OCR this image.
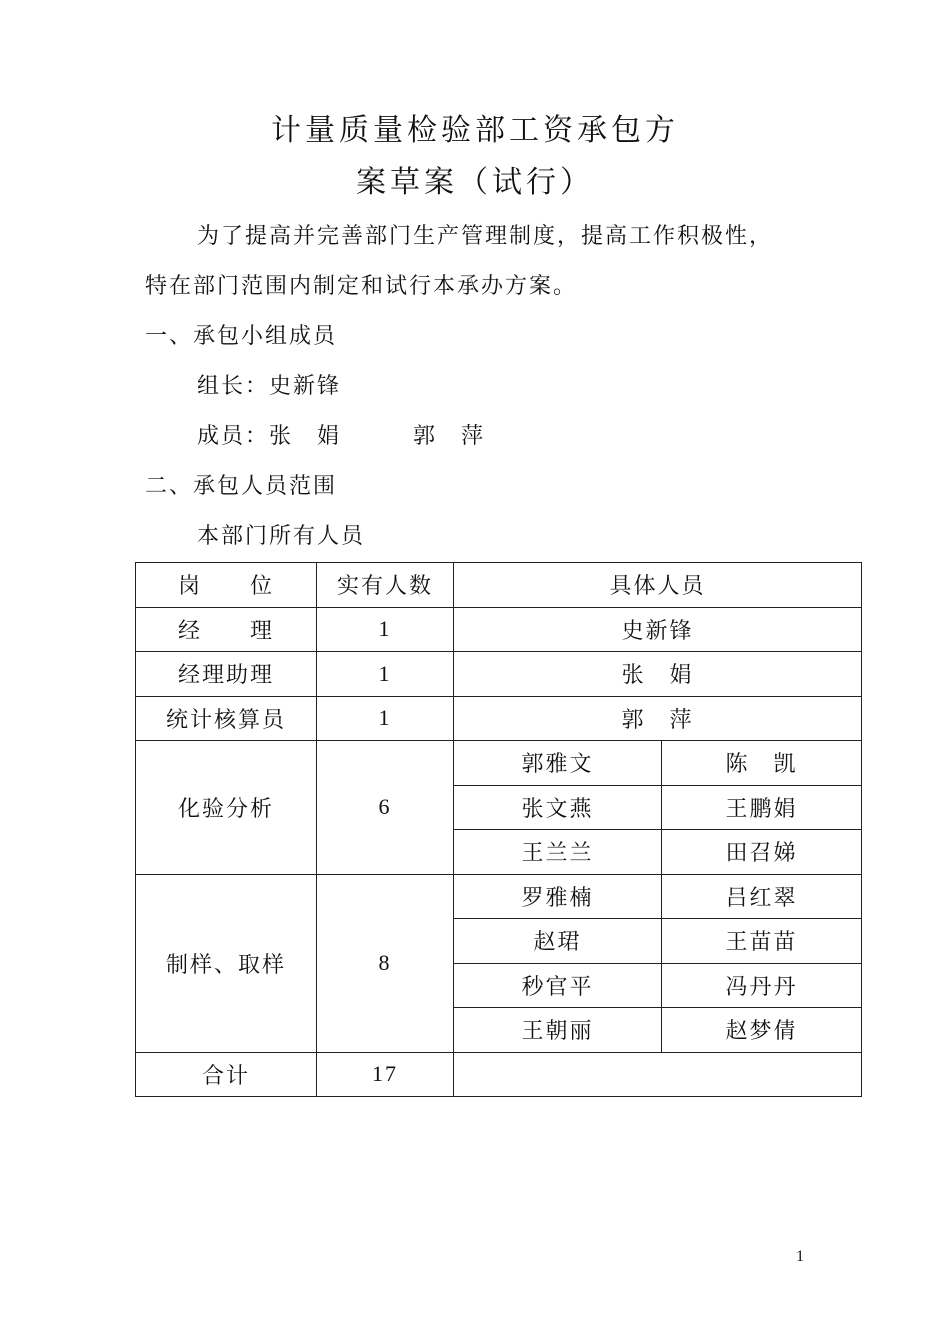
计量质量检验部工资承包方
案草案（试行）
为了提高并完善部门生产管理制度，提高工作积极性，
特在部门范围内制定和试行本承办方案。
一、承包小组成员
组长：史新锋
成员：张　娟	郭　萍
二、承包人员范围
本部门所有人员
岗　　位	实有人数	具体人员	
经　　理	1	史新锋	
经理助理	1	张　娟	
统计核算员	1	郭　萍	
化验分析	6	郭雅文	陈　凯
		张文燕	王鹏娟
		王兰兰	田召娣
制样、取样	8	罗雅楠	吕红翠
		赵珺	王苗苗
		秒官平	冯丹丹
		王朝丽	赵梦倩
合计	17		
1
